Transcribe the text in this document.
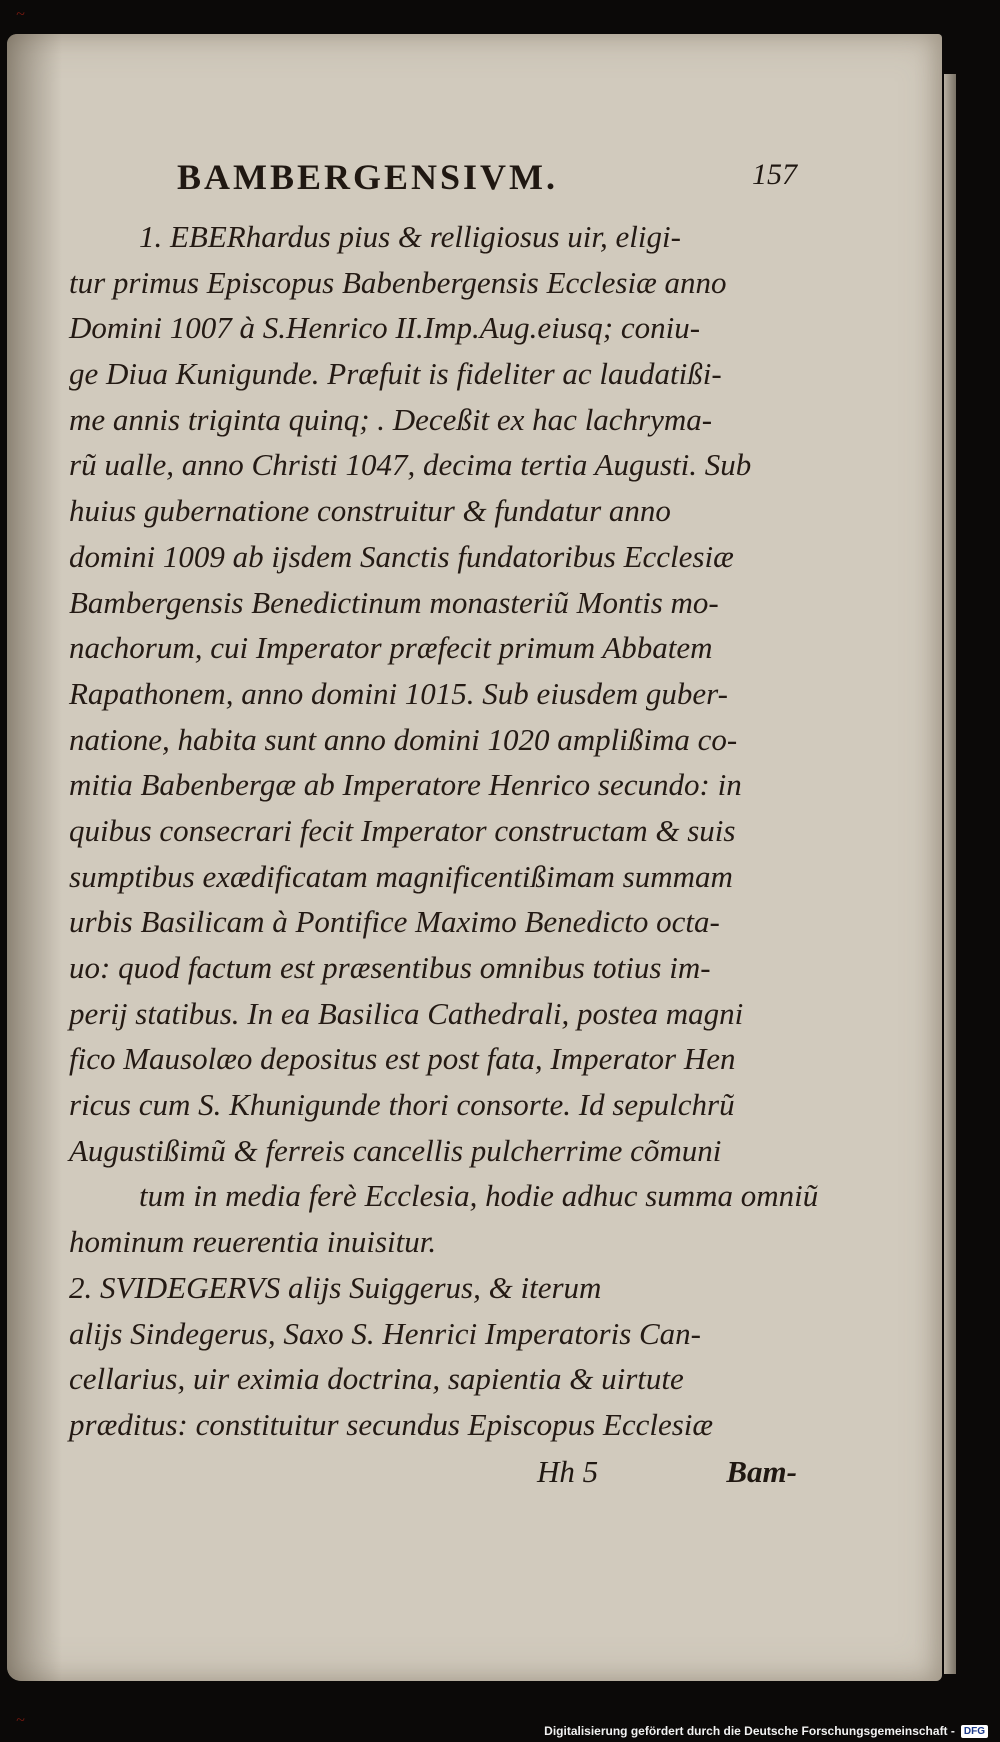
~
BAMBERGENSIVM.	157
1. EBERhardus pius & relligiosus uir, eligi-
tur primus Episcopus Babenbergensis Ecclesiæ anno
Domini 1007 à S.Henrico II.Imp.Aug.eiusq; coniu-
ge Diua Kunigunde. Præfuit is fideliter ac laudatißi-
me annis triginta quinq; . Deceßit ex hac lachryma-
rũ ualle, anno Christi 1047, decima tertia Augusti. Sub
huius gubernatione construitur & fundatur anno
domini 1009 ab ijsdem Sanctis fundatoribus Ecclesiæ
Bambergensis Benedictinum monasteriũ Montis mo-
nachorum, cui Imperator præfecit primum Abbatem
Rapathonem, anno domini 1015. Sub eiusdem guber-
natione, habita sunt anno domini 1020 amplißima co-
mitia Babenbergæ ab Imperatore Henrico secundo: in
quibus consecrari fecit Imperator constructam & suis
sumptibus exædificatam magnificentißimam summam
urbis Basilicam à Pontifice Maximo Benedicto octa-
uo: quod factum est præsentibus omnibus totius im-
perij statibus. In ea Basilica Cathedrali, postea magni
fico Mausolæo depositus est post fata, Imperator Hen
ricus cum S. Khunigunde thori consorte. Id sepulchrũ
Augustißimũ & ferreis cancellis pulcherrime cõmuni
tum in media ferè Ecclesia, hodie adhuc summa omniũ
hominum reuerentia inuisitur.
2. SVIDEGERVS alijs Suiggerus, & iterum
alijs Sindegerus, Saxo S. Henrici Imperatoris Can-
cellarius, uir eximia doctrina, sapientia & uirtute
præditus: constituitur secundus Episcopus Ecclesiæ
Hh 5	Bam-
~
Digitalisierung gefördert durch die Deutsche Forschungsgemeinschaft - DFG
